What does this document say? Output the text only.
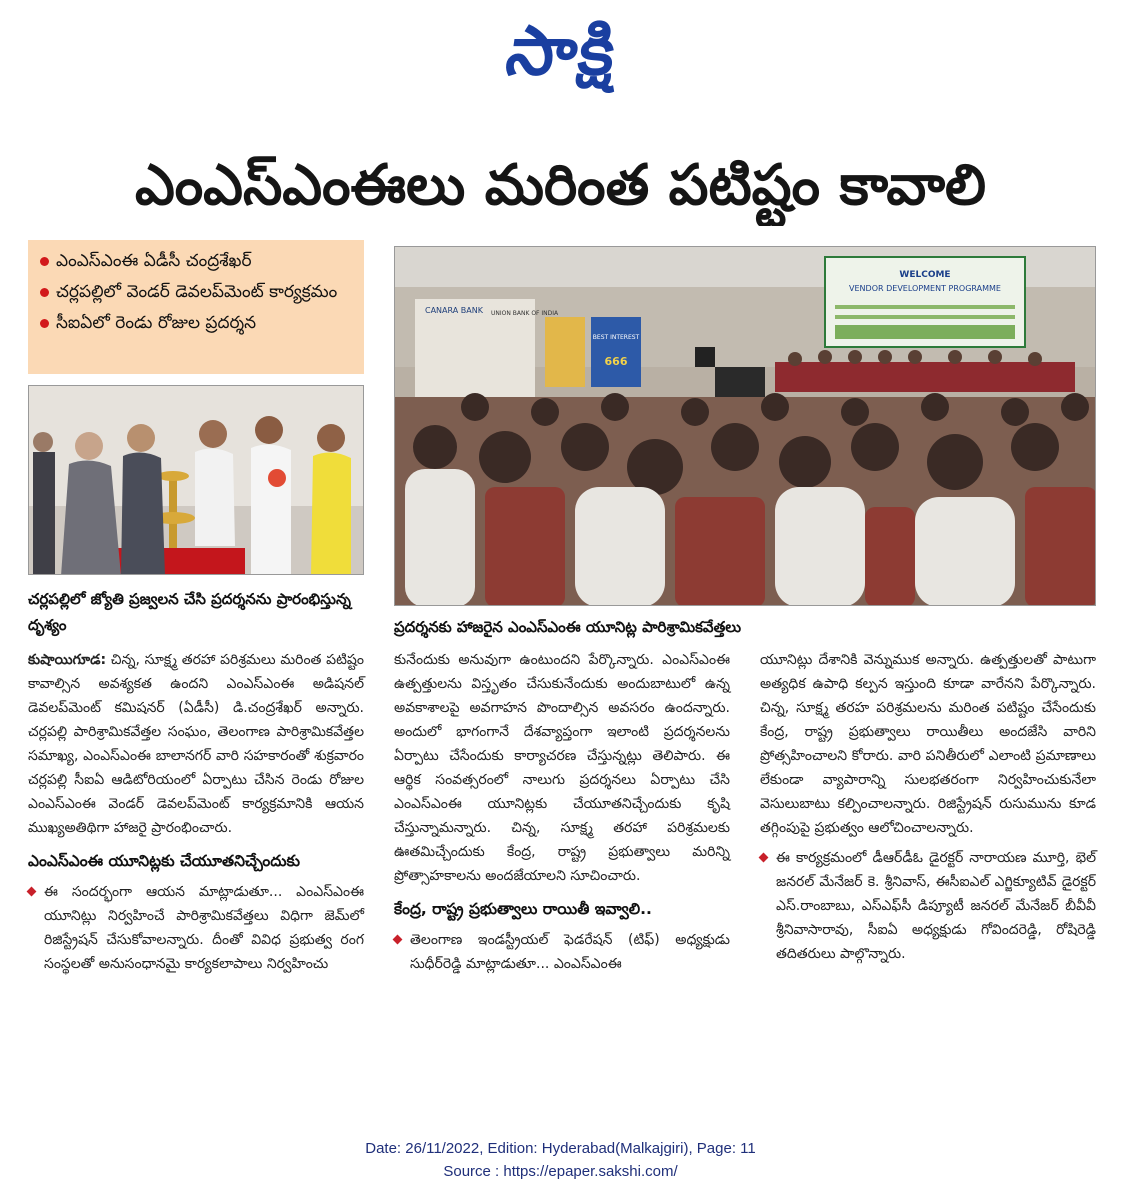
సాక్షి
ఎంఎస్‌ఎంఈలు మరింత పటిష్టం కావాలి
ఎంఎస్‌ఎంఈ ఏడీసీ చంద్రశేఖర్
చర్లపల్లిలో వెండర్ డెవలప్‌మెంట్ కార్యక్రమం
సీఐఏలో రెండు రోజుల ప్రదర్శన
చర్లపల్లిలో జ్యోతి ప్రజ్వలన చేసి ప్రదర్శనను ప్రారంభిస్తున్న దృశ్యం
WELCOME
VENDOR DEVELOPMENT PROGRAMME
CANARA BANK
BEST INTEREST
666
UNION BANK OF INDIA
ప్రదర్శనకు హాజరైన ఎంఎస్‌ఎంఈ యూనిట్ల పారిశ్రామికవేత్తలు

కుషాయిగూడ: చిన్న, సూక్ష్మ తరహా పరిశ్రమలు మరింత పటిష్టం కావాల్సిన అవశ్యకత ఉందని ఎంఎస్‌ఎంఈ అడిషనల్ డెవలప్‌మెంట్ కమిషనర్ (ఏడీసీ) డి.చంద్రశేఖర్ అన్నారు. చర్లపల్లి పారిశ్రామికవేత్తల సంఘం, తెలంగాణ పారిశ్రామికవేత్తల సమాఖ్య, ఎంఎస్‌ఎంఈ బాలానగర్ వారి సహకారంతో శుక్రవారం చర్లపల్లి సీఐఏ ఆడిటోరియంలో ఏర్పాటు చేసిన రెండు రోజుల ఎంఎస్‌ఎంఈ వెండర్ డెవలప్‌మెంట్ కార్యక్రమానికి ఆయన ముఖ్యఅతిథిగా హాజరై ప్రారంభించారు.

ఎంఎస్‌ఎంఈ యూనిట్లకు చేయూతనిచ్చేందుకు

ఈ సందర్భంగా ఆయన మాట్లాడుతూ... ఎంఎస్‌ఎంఈ యూనిట్లు నిర్వహించే పారిశ్రామికవేత్తలు విధిగా జెమ్‌లో రిజిస్ట్రేషన్ చేసుకోవాలన్నారు. దీంతో వివిధ ప్రభుత్వ రంగ సంస్థలతో అనుసంధానమై కార్యకలాపాలు నిర్వహించు

కునేందుకు అనువుగా ఉంటుందని పేర్కొన్నారు. ఎంఎస్‌ఎంఈ ఉత్పత్తులను విస్తృతం చేసుకునేందుకు అందుబాటులో ఉన్న అవకాశాలపై అవగాహన పొందాల్సిన అవసరం ఉందన్నారు. అందులో భాగంగానే దేశవ్యాప్తంగా ఇలాంటి ప్రదర్శనలను ఏర్పాటు చేసేందుకు కార్యాచరణ చేస్తున్నట్లు తెలిపారు. ఈ ఆర్థిక సంవత్సరంలో నాలుగు ప్రదర్శనలు ఏర్పాటు చేసి ఎంఎస్‌ఎంఈ యూనిట్లకు చేయూతనిచ్చేందుకు కృషి చేస్తున్నామన్నారు. చిన్న, సూక్ష్మ తరహా పరిశ్రమలకు ఊతమిచ్చేందుకు కేంద్ర, రాష్ట్ర ప్రభుత్వాలు మరిన్ని ప్రోత్సాహకాలను అందజేయాలని సూచించారు.

కేంద్ర, రాష్ట్ర ప్రభుత్వాలు రాయితీ ఇవ్వాలి..

తెలంగాణ ఇండస్ట్రీయల్ ఫెడరేషన్ (టిఫ్) అధ్యక్షుడు సుధీర్‌రెడ్డి మాట్లాడుతూ... ఎంఎస్‌ఎంఈ

యూనిట్లు దేశానికి వెన్నుముక అన్నారు. ఉత్పత్తులతో పాటుగా అత్యధిక ఉపాధి కల్పన ఇస్తుంది కూడా వారేనని పేర్కొన్నారు. చిన్న, సూక్ష్మ తరహ పరిశ్రమలను మరింత పటిష్టం చేసేందుకు కేంద్ర, రాష్ట్ర ప్రభుత్వాలు రాయితీలు అందజేసి వారిని ప్రోత్సహించాలని కోరారు. వారి పనితీరులో ఎలాంటి ప్రమాణాలు లేకుండా వ్యాపారాన్ని సులభతరంగా నిర్వహించుకునేలా వెసులుబాటు కల్పించాలన్నారు. రిజిస్ట్రేషన్ రుసుమును కూడ తగ్గింపుపై ప్రభుత్వం ఆలోచించాలన్నారు.

ఈ కార్యక్రమంలో డీఆర్‌డీఓ డైరక్టర్ నారాయణ మూర్తి, భెల్ జనరల్ మేనేజర్ కె. శ్రీనివాస్, ఈసీఐఎల్ ఎగ్జిక్యూటివ్ డైరక్టర్ ఎస్.రాంబాబు, ఎస్ఎఫ్‌సీ డిప్యూటీ జనరల్ మేనేజర్ బీవీవీ శ్రీనివాసారావు, సీఐఏ అధ్యక్షుడు గోవిందరెడ్డి, రోషిరెడ్డి తదితరులు పాల్గొన్నారు.

Date: 26/11/2022, Edition: Hyderabad(Malkajgiri), Page: 11
Source : https://epaper.sakshi.com/
